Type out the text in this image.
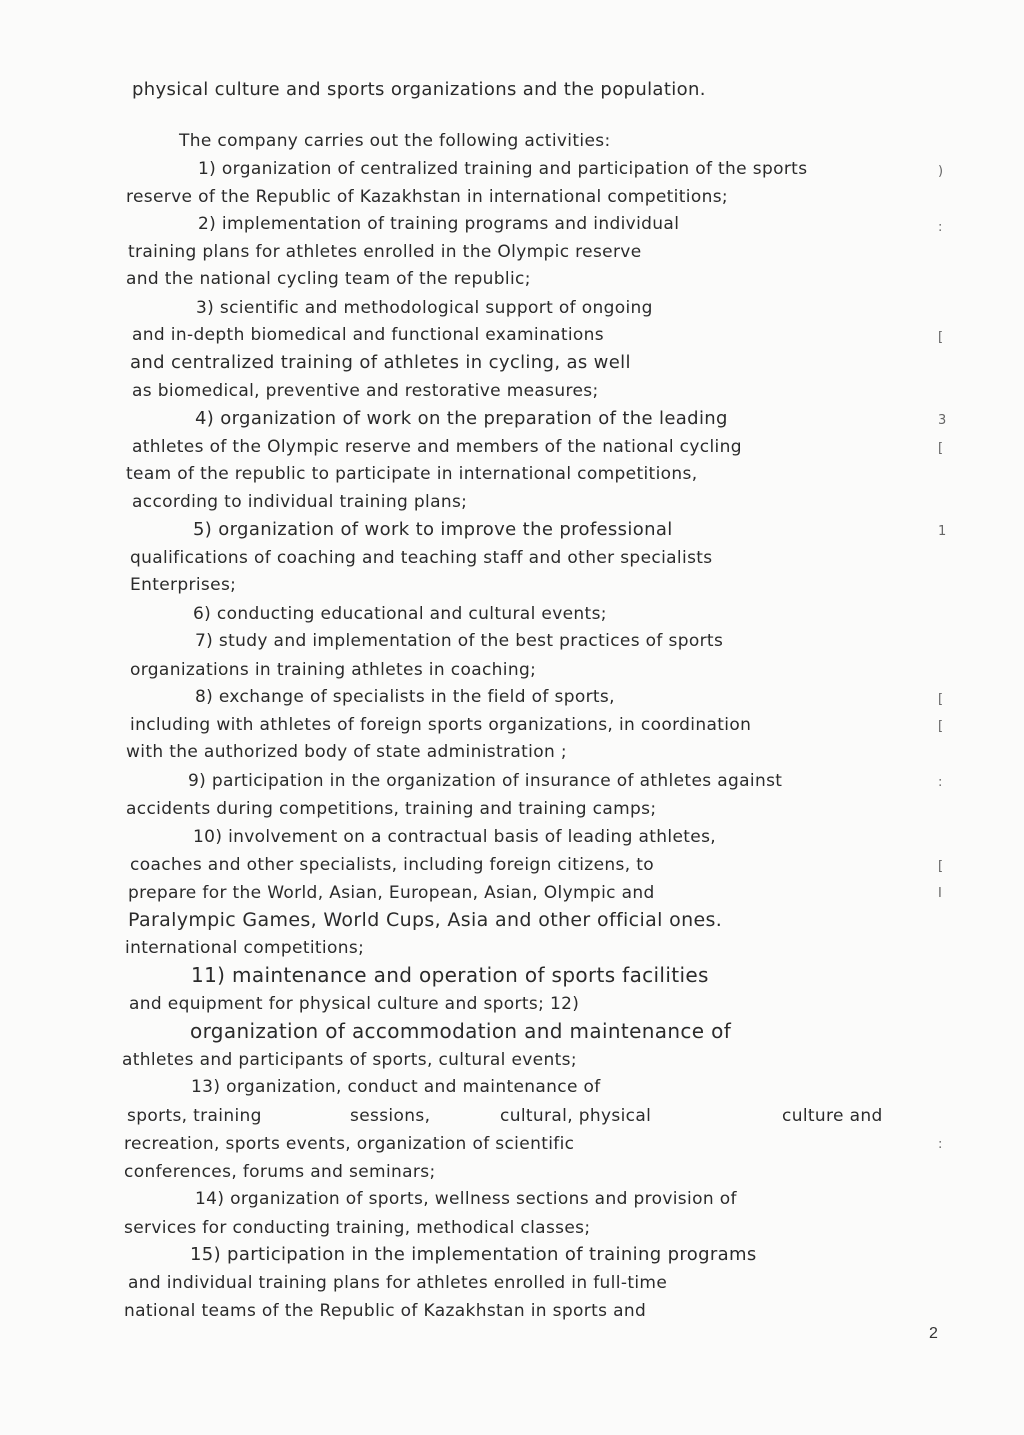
physical culture and sports organizations and the population.
The company carries out the following activities:
1) organization of centralized training and participation of the sports
reserve of the Republic of Kazakhstan in international competitions;
2) implementation of training programs and individual
training plans for athletes enrolled in the Olympic reserve
and the national cycling team of the republic;
3) scientific and methodological support of ongoing
and in-depth biomedical and functional examinations
and centralized training of athletes in cycling, as well
as biomedical, preventive and restorative measures;
4) organization of work on the preparation of the leading
athletes of the Olympic reserve and members of the national cycling
team of the republic to participate in international competitions,
according to individual training plans;
5) organization of work to improve the professional
qualifications of coaching and teaching staff and other specialists
Enterprises;
6) conducting educational and cultural events;
7) study and implementation of the best practices of sports
organizations in training athletes in coaching;
8) exchange of specialists in the field of sports,
including with athletes of foreign sports organizations, in coordination
with the authorized body of state administration ;
9) participation in the organization of insurance of athletes against
accidents during competitions, training and training camps;
10) involvement on a contractual basis of leading athletes,
coaches and other specialists, including foreign citizens, to
prepare for the World, Asian, European, Asian, Olympic and
Paralympic Games, World Cups, Asia and other official ones.
international competitions;
11) maintenance and operation of sports facilities
and equipment for physical culture and sports; 12)
organization of accommodation and maintenance of
athletes and participants of sports, cultural events;
13) organization, conduct and maintenance of
sports, training	sessions,	cultural, physical	culture and
recreation, sports events, organization of scientific
conferences, forums and seminars;
14) organization of sports, wellness sections and provision of
services for conducting training, methodical classes;
15) participation in the implementation of training programs
and individual training plans for athletes enrolled in full-time
national teams of the Republic of Kazakhstan in sports and
)
:
[
3
[
1
[
[
:
[
I
:
2
